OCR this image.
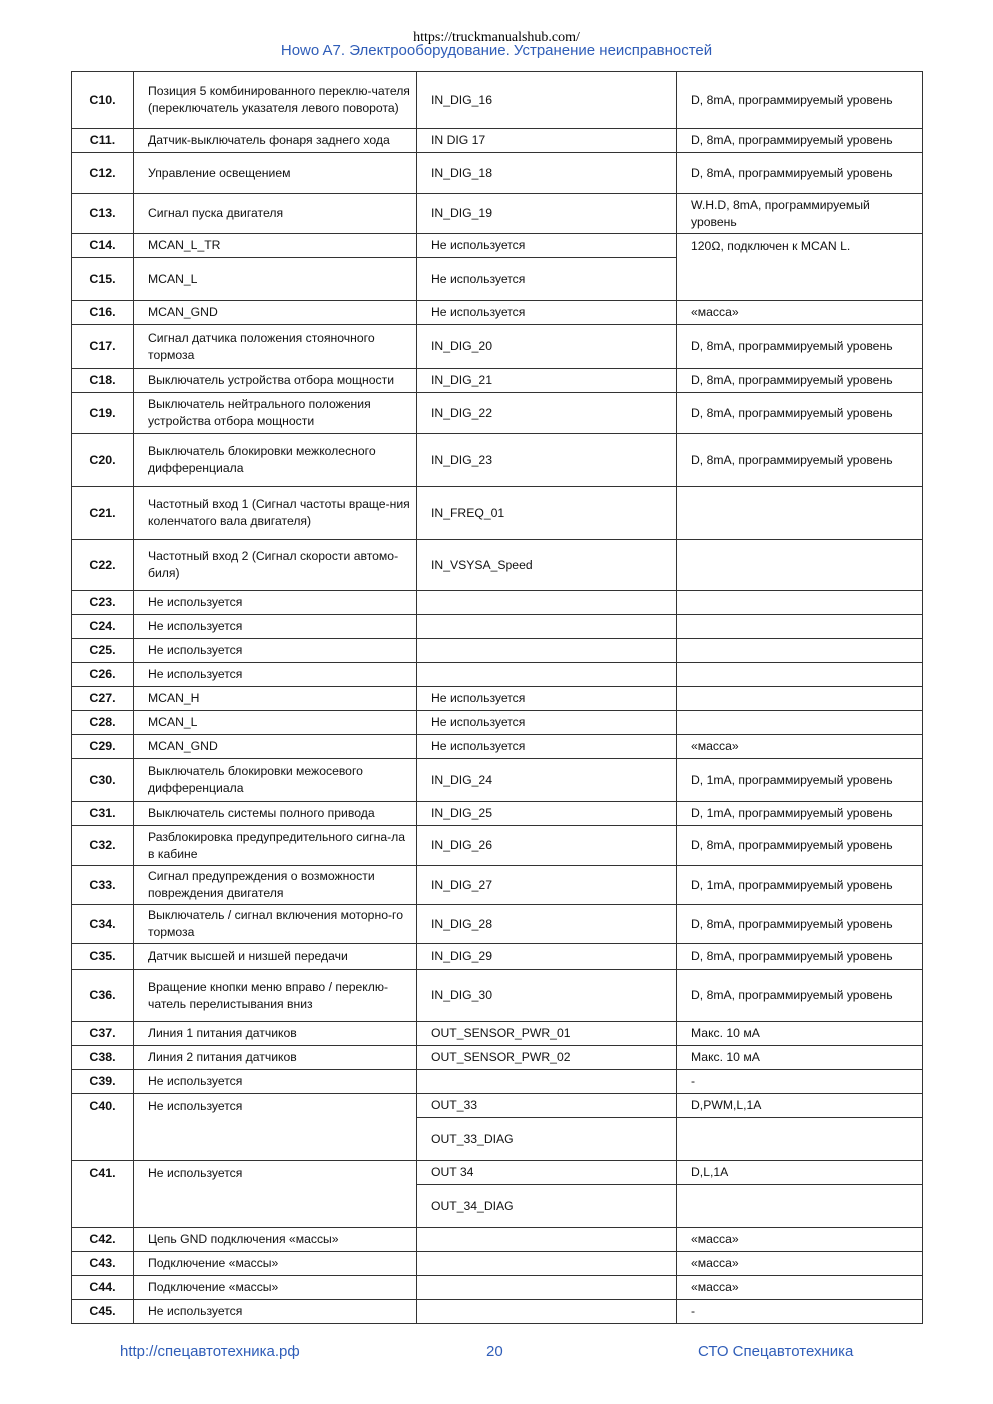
https://truckmanualshub.com/
Howo A7. Электрооборудование. Устранение неисправностей
C10.	Позиция 5 комбинированного переклю-чателя (переключатель указателя левого поворота)	IN_DIG_16	D, 8mA, программируемый уровень
C11.	Датчик-выключатель фонаря заднего хода	IN DIG 17	D, 8mA, программируемый уровень
C12.	Управление освещением	IN_DIG_18	D, 8mA, программируемый уровень
C13.	Сигнал пуска двигателя	IN_DIG_19	W.H.D, 8mA, программируемый уровень
C14.	MCAN_L_TR	Не используется	120Ω, подключен к MCAN L.
C15.	MCAN_L	Не используется	
C16.	MCAN_GND	Не используется	«масса»
C17.	Сигнал датчика положения стояночного тормоза	IN_DIG_20	D, 8mA, программируемый уровень
C18.	Выключатель устройства отбора мощности	IN_DIG_21	D, 8mA, программируемый уровень
C19.	Выключатель нейтрального положения устройства отбора мощности	IN_DIG_22	D, 8mA, программируемый уровень
C20.	Выключатель блокировки межколесного дифференциала	IN_DIG_23	D, 8mA, программируемый уровень
C21.	Частотный вход 1 (Сигнал частоты враще-ния коленчатого вала двигателя)	IN_FREQ_01	
C22.	Частотный вход 2 (Сигнал скорости автомо-биля)	IN_VSYSA_Speed	
C23.	Не используется		
C24.	Не используется		
C25.	Не используется		
C26.	Не используется		
C27.	MCAN_H	Не используется	
C28.	MCAN_L	Не используется	
C29.	MCAN_GND	Не используется	«масса»
C30.	Выключатель блокировки межосевого дифференциала	IN_DIG_24	D, 1mA, программируемый уровень
C31.	Выключатель системы полного привода	IN_DIG_25	D, 1mA, программируемый уровень
C32.	Разблокировка предупредительного сигна-ла в кабине	IN_DIG_26	D, 8mA, программируемый уровень
C33.	Сигнал предупреждения о возможности повреждения двигателя	IN_DIG_27	D, 1mA, программируемый уровень
C34.	Выключатель / сигнал включения моторно-го тормоза	IN_DIG_28	D, 8mA, программируемый уровень
C35.	Датчик высшей и низшей передачи	IN_DIG_29	D, 8mA, программируемый уровень
C36.	Вращение кнопки меню вправо / переклю-чатель перелистывания вниз	IN_DIG_30	D, 8mA, программируемый уровень
C37.	Линия 1 питания датчиков	OUT_SENSOR_PWR_01	Макс. 10 мА
C38.	Линия 2 питания датчиков	OUT_SENSOR_PWR_02	Макс. 10 мА
C39.	Не используется		-
C40.	Не используется	OUT_33	D,PWM,L,1A
		OUT_33_DIAG	
C41.	Не используется	OUT 34	D,L,1A
		OUT_34_DIAG	
C42.	Цепь GND подключения «массы»		«масса»
C43.	Подключение «массы»		«масса»
C44.	Подключение «массы»		«масса»
C45.	Не используется		-
http://спецавтотехника.рф	20	СТО Спецавтотехника
